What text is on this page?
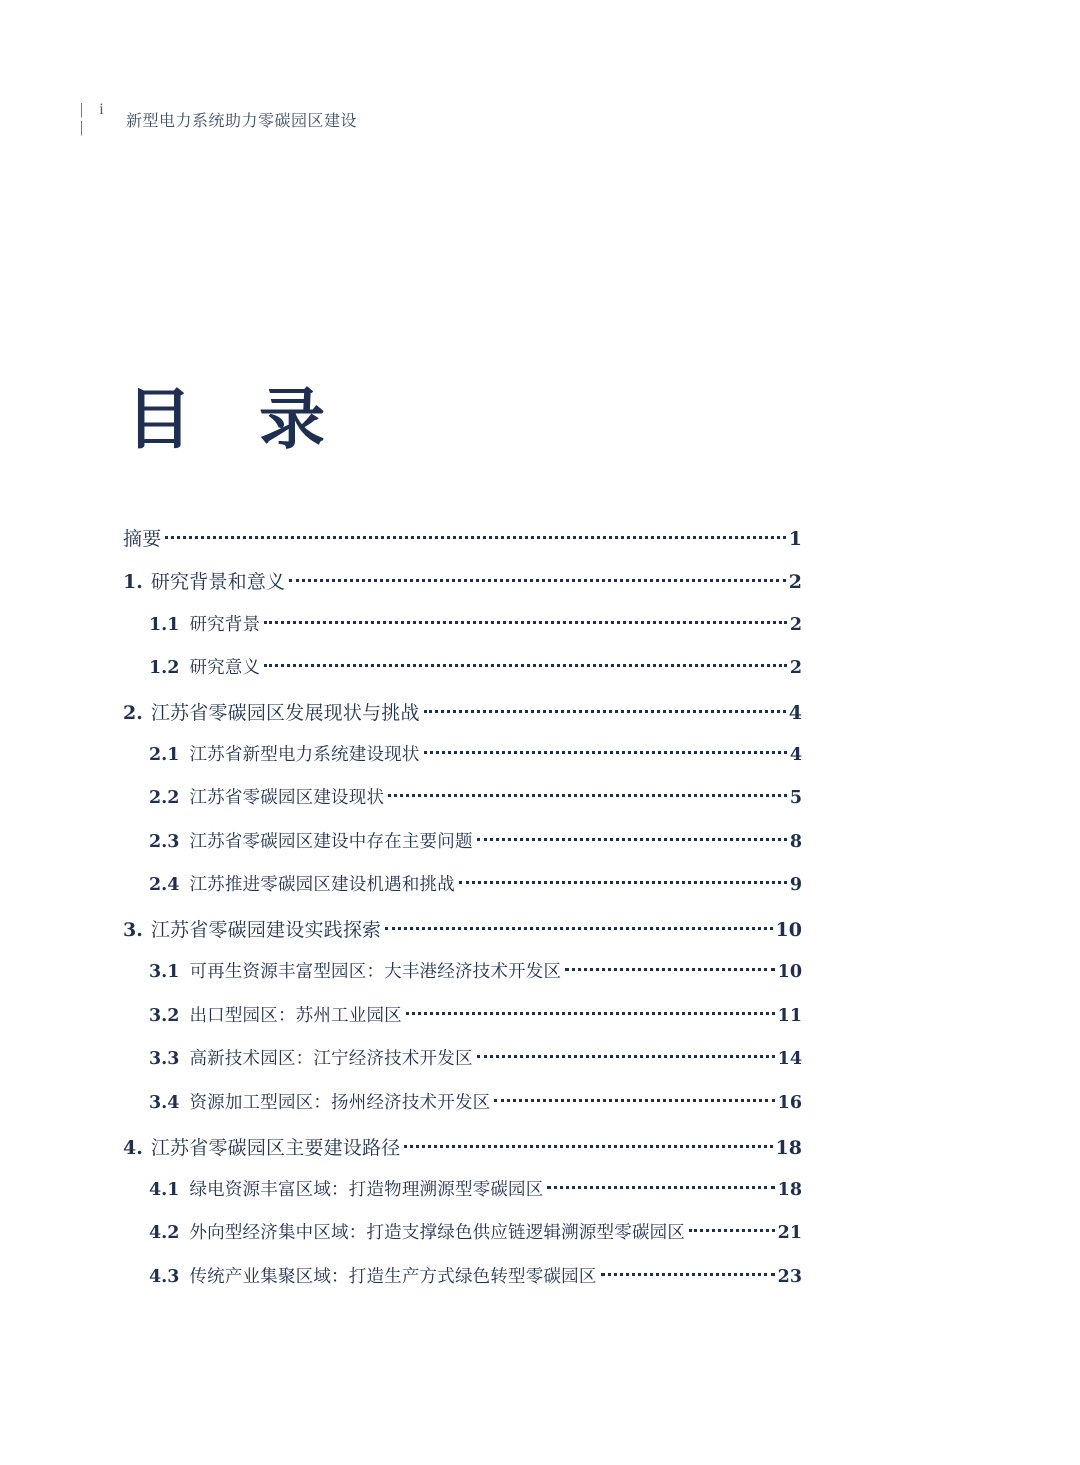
| i |	新型电力系统助力零碳园区建设
目 录
摘要	1
1. 研究背景和意义	2
1.1 研究背景	2
1.2 研究意义	2
2. 江苏省零碳园区发展现状与挑战	4
2.1 江苏省新型电力系统建设现状	4
2.2 江苏省零碳园区建设现状	5
2.3 江苏省零碳园区建设中存在主要问题	8
2.4 江苏推进零碳园区建设机遇和挑战	9
3. 江苏省零碳园建设实践探索	10
3.1 可再生资源丰富型园区：大丰港经济技术开发区	10
3.2 出口型园区：苏州工业园区	11
3.3 高新技术园区：江宁经济技术开发区	14
3.4 资源加工型园区：扬州经济技术开发区	16
4. 江苏省零碳园区主要建设路径	18
4.1 绿电资源丰富区域：打造物理溯源型零碳园区	18
4.2 外向型经济集中区域：打造支撑绿色供应链逻辑溯源型零碳园区	21
4.3 传统产业集聚区域：打造生产方式绿色转型零碳园区	23
